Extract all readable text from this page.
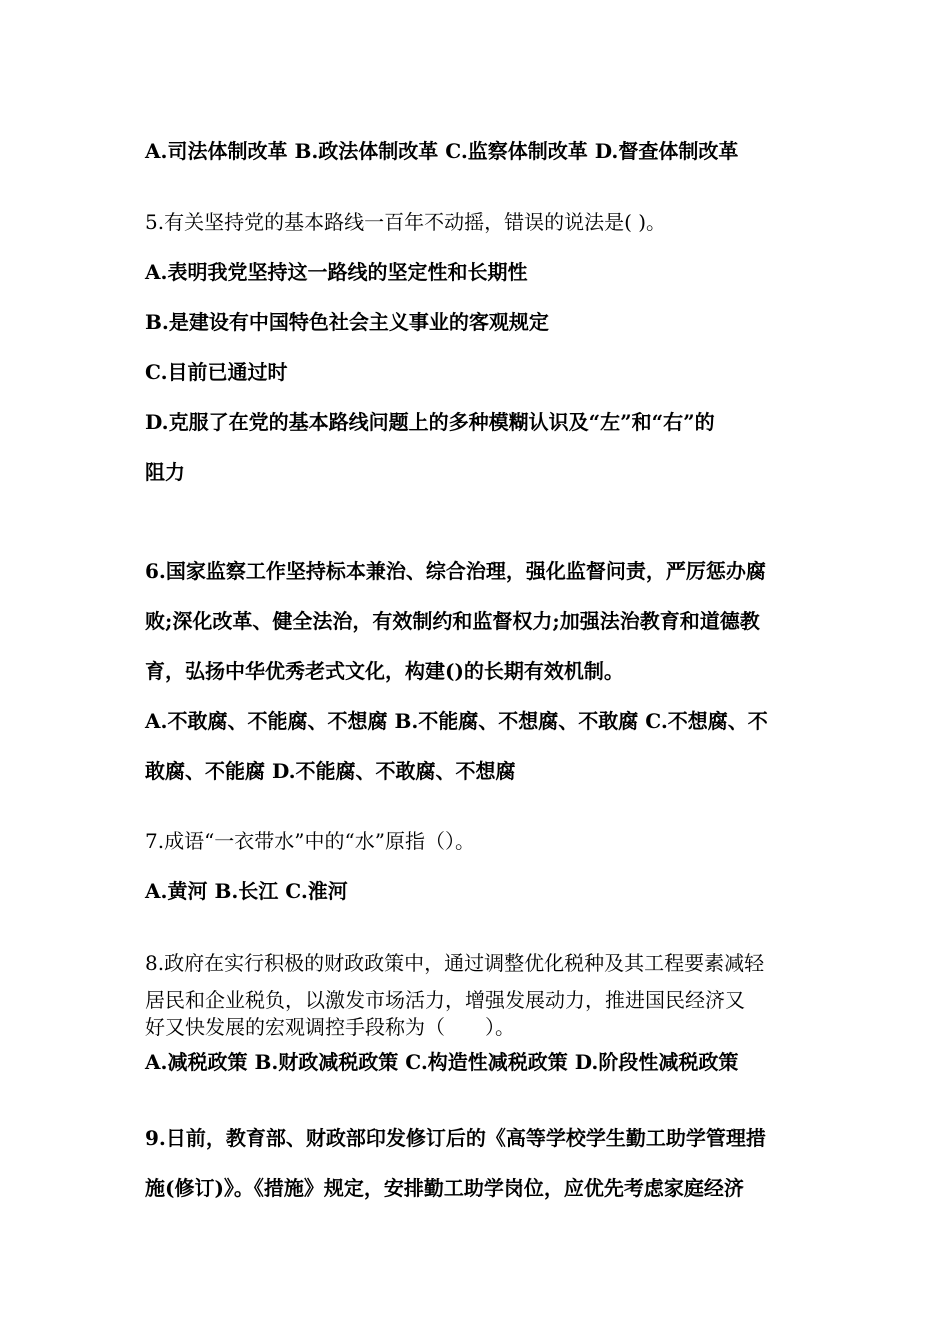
A.司法体制改革 B.政法体制改革 C.监察体制改革 D.督查体制改革
5.有关坚持党的基本路线一百年不动摇，错误的说法是( )。
A.表明我党坚持这一路线的坚定性和长期性
B.是建设有中国特色社会主义事业的客观规定
C.目前已通过时
D.克服了在党的基本路线问题上的多种模糊认识及“左”和“右”的
阻力
6.国家监察工作坚持标本兼治、综合治理，强化监督问责，严厉惩办腐
败;深化改革、健全法治，有效制约和监督权力;加强法治教育和道德教
育，弘扬中华优秀老式文化，构建()的长期有效机制。
A.不敢腐、不能腐、不想腐 B.不能腐、不想腐、不敢腐 C.不想腐、不
敢腐、不能腐 D.不能腐、不敢腐、不想腐
7.成语“一衣带水”中的“水”原指（）。
A.黄河 B.长江 C.淮河
8.政府在实行积极的财政政策中，通过调整优化税种及其工程要素减轻
居民和企业税负，以激发市场活力，增强发展动力，推进国民经济又
好又快发展的宏观调控手段称为（　　）。
A.减税政策 B.财政减税政策 C.构造性减税政策 D.阶段性减税政策
9.日前，教育部、财政部印发修订后的《高等学校学生勤工助学管理措
施(修订)》。《措施》规定，安排勤工助学岗位，应优先考虑家庭经济
